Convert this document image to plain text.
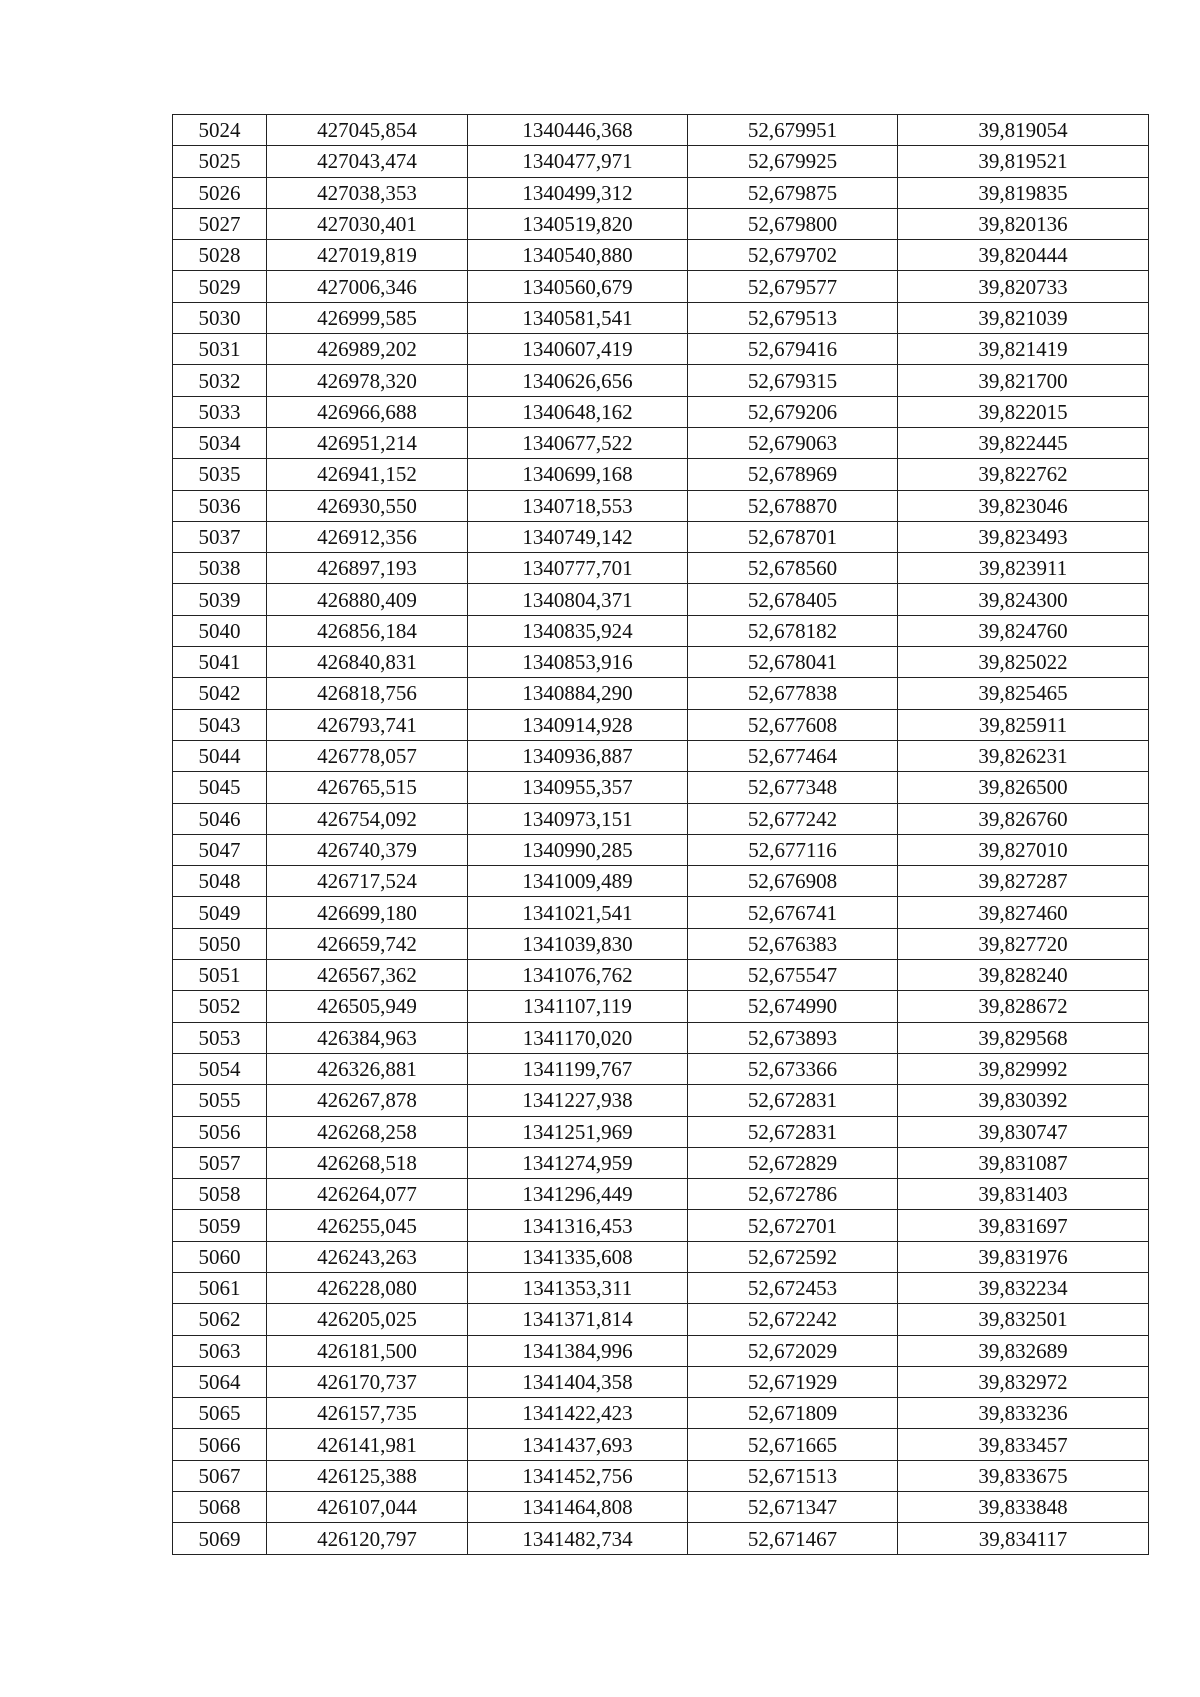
5024	427045,854	1340446,368	52,679951	39,819054
5025	427043,474	1340477,971	52,679925	39,819521
5026	427038,353	1340499,312	52,679875	39,819835
5027	427030,401	1340519,820	52,679800	39,820136
5028	427019,819	1340540,880	52,679702	39,820444
5029	427006,346	1340560,679	52,679577	39,820733
5030	426999,585	1340581,541	52,679513	39,821039
5031	426989,202	1340607,419	52,679416	39,821419
5032	426978,320	1340626,656	52,679315	39,821700
5033	426966,688	1340648,162	52,679206	39,822015
5034	426951,214	1340677,522	52,679063	39,822445
5035	426941,152	1340699,168	52,678969	39,822762
5036	426930,550	1340718,553	52,678870	39,823046
5037	426912,356	1340749,142	52,678701	39,823493
5038	426897,193	1340777,701	52,678560	39,823911
5039	426880,409	1340804,371	52,678405	39,824300
5040	426856,184	1340835,924	52,678182	39,824760
5041	426840,831	1340853,916	52,678041	39,825022
5042	426818,756	1340884,290	52,677838	39,825465
5043	426793,741	1340914,928	52,677608	39,825911
5044	426778,057	1340936,887	52,677464	39,826231
5045	426765,515	1340955,357	52,677348	39,826500
5046	426754,092	1340973,151	52,677242	39,826760
5047	426740,379	1340990,285	52,677116	39,827010
5048	426717,524	1341009,489	52,676908	39,827287
5049	426699,180	1341021,541	52,676741	39,827460
5050	426659,742	1341039,830	52,676383	39,827720
5051	426567,362	1341076,762	52,675547	39,828240
5052	426505,949	1341107,119	52,674990	39,828672
5053	426384,963	1341170,020	52,673893	39,829568
5054	426326,881	1341199,767	52,673366	39,829992
5055	426267,878	1341227,938	52,672831	39,830392
5056	426268,258	1341251,969	52,672831	39,830747
5057	426268,518	1341274,959	52,672829	39,831087
5058	426264,077	1341296,449	52,672786	39,831403
5059	426255,045	1341316,453	52,672701	39,831697
5060	426243,263	1341335,608	52,672592	39,831976
5061	426228,080	1341353,311	52,672453	39,832234
5062	426205,025	1341371,814	52,672242	39,832501
5063	426181,500	1341384,996	52,672029	39,832689
5064	426170,737	1341404,358	52,671929	39,832972
5065	426157,735	1341422,423	52,671809	39,833236
5066	426141,981	1341437,693	52,671665	39,833457
5067	426125,388	1341452,756	52,671513	39,833675
5068	426107,044	1341464,808	52,671347	39,833848
5069	426120,797	1341482,734	52,671467	39,834117
